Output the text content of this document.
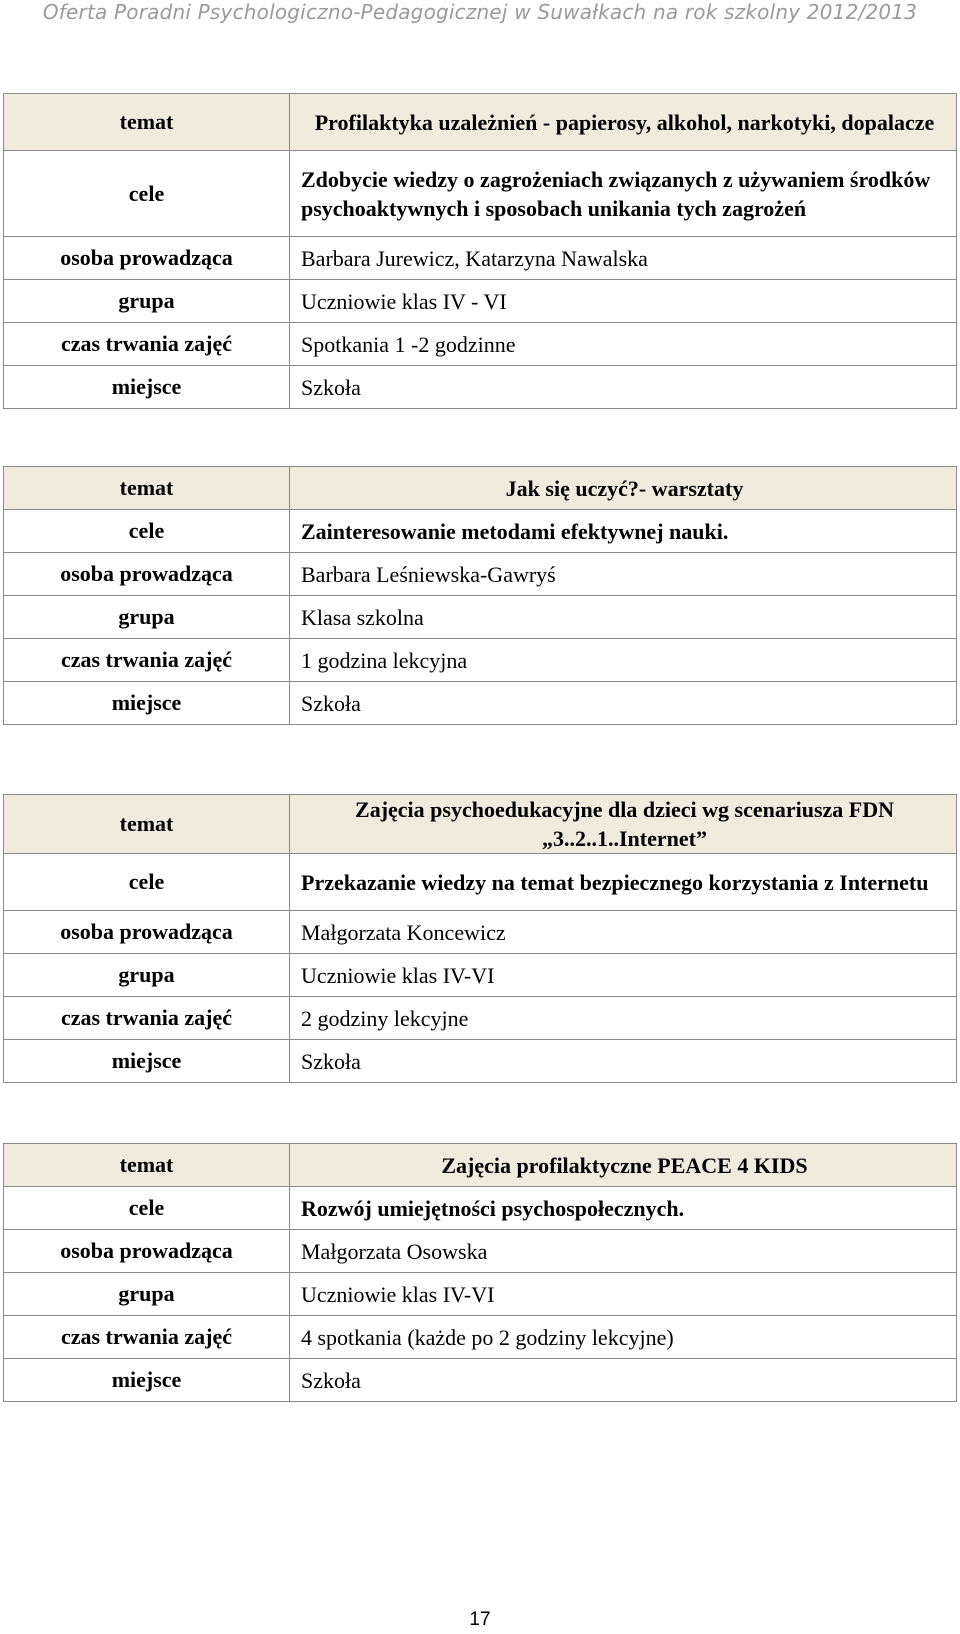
Oferta Poradni Psychologiczno-Pedagogicznej w Suwałkach na rok szkolny 2012/2013
temat	Profilaktyka uzależnień - papierosy, alkohol, narkotyki, dopalacze
cele	Zdobycie wiedzy o zagrożeniach związanych z używaniem środków psychoaktywnych i sposobach unikania tych zagrożeń
osoba prowadząca	Barbara Jurewicz, Katarzyna Nawalska
grupa	Uczniowie klas IV - VI
czas trwania zajęć	Spotkania 1 -2 godzinne
miejsce	Szkoła
temat	Jak się uczyć?- warsztaty
cele	Zainteresowanie metodami efektywnej nauki.
osoba prowadząca	Barbara Leśniewska-Gawryś
grupa	Klasa szkolna
czas trwania zajęć	1 godzina lekcyjna
miejsce	Szkoła
temat	Zajęcia psychoedukacyjne dla dzieci wg scenariusza FDN „3..2..1..Internet”
cele	Przekazanie wiedzy na temat bezpiecznego korzystania z Internetu
osoba prowadząca	Małgorzata Koncewicz
grupa	Uczniowie klas IV-VI
czas trwania zajęć	2 godziny lekcyjne
miejsce	Szkoła
temat	Zajęcia profilaktyczne PEACE 4 KIDS
cele	Rozwój umiejętności psychospołecznych.
osoba prowadząca	Małgorzata Osowska
grupa	Uczniowie klas IV-VI
czas trwania zajęć	4 spotkania (każde po 2 godziny lekcyjne)
miejsce	Szkoła
17
